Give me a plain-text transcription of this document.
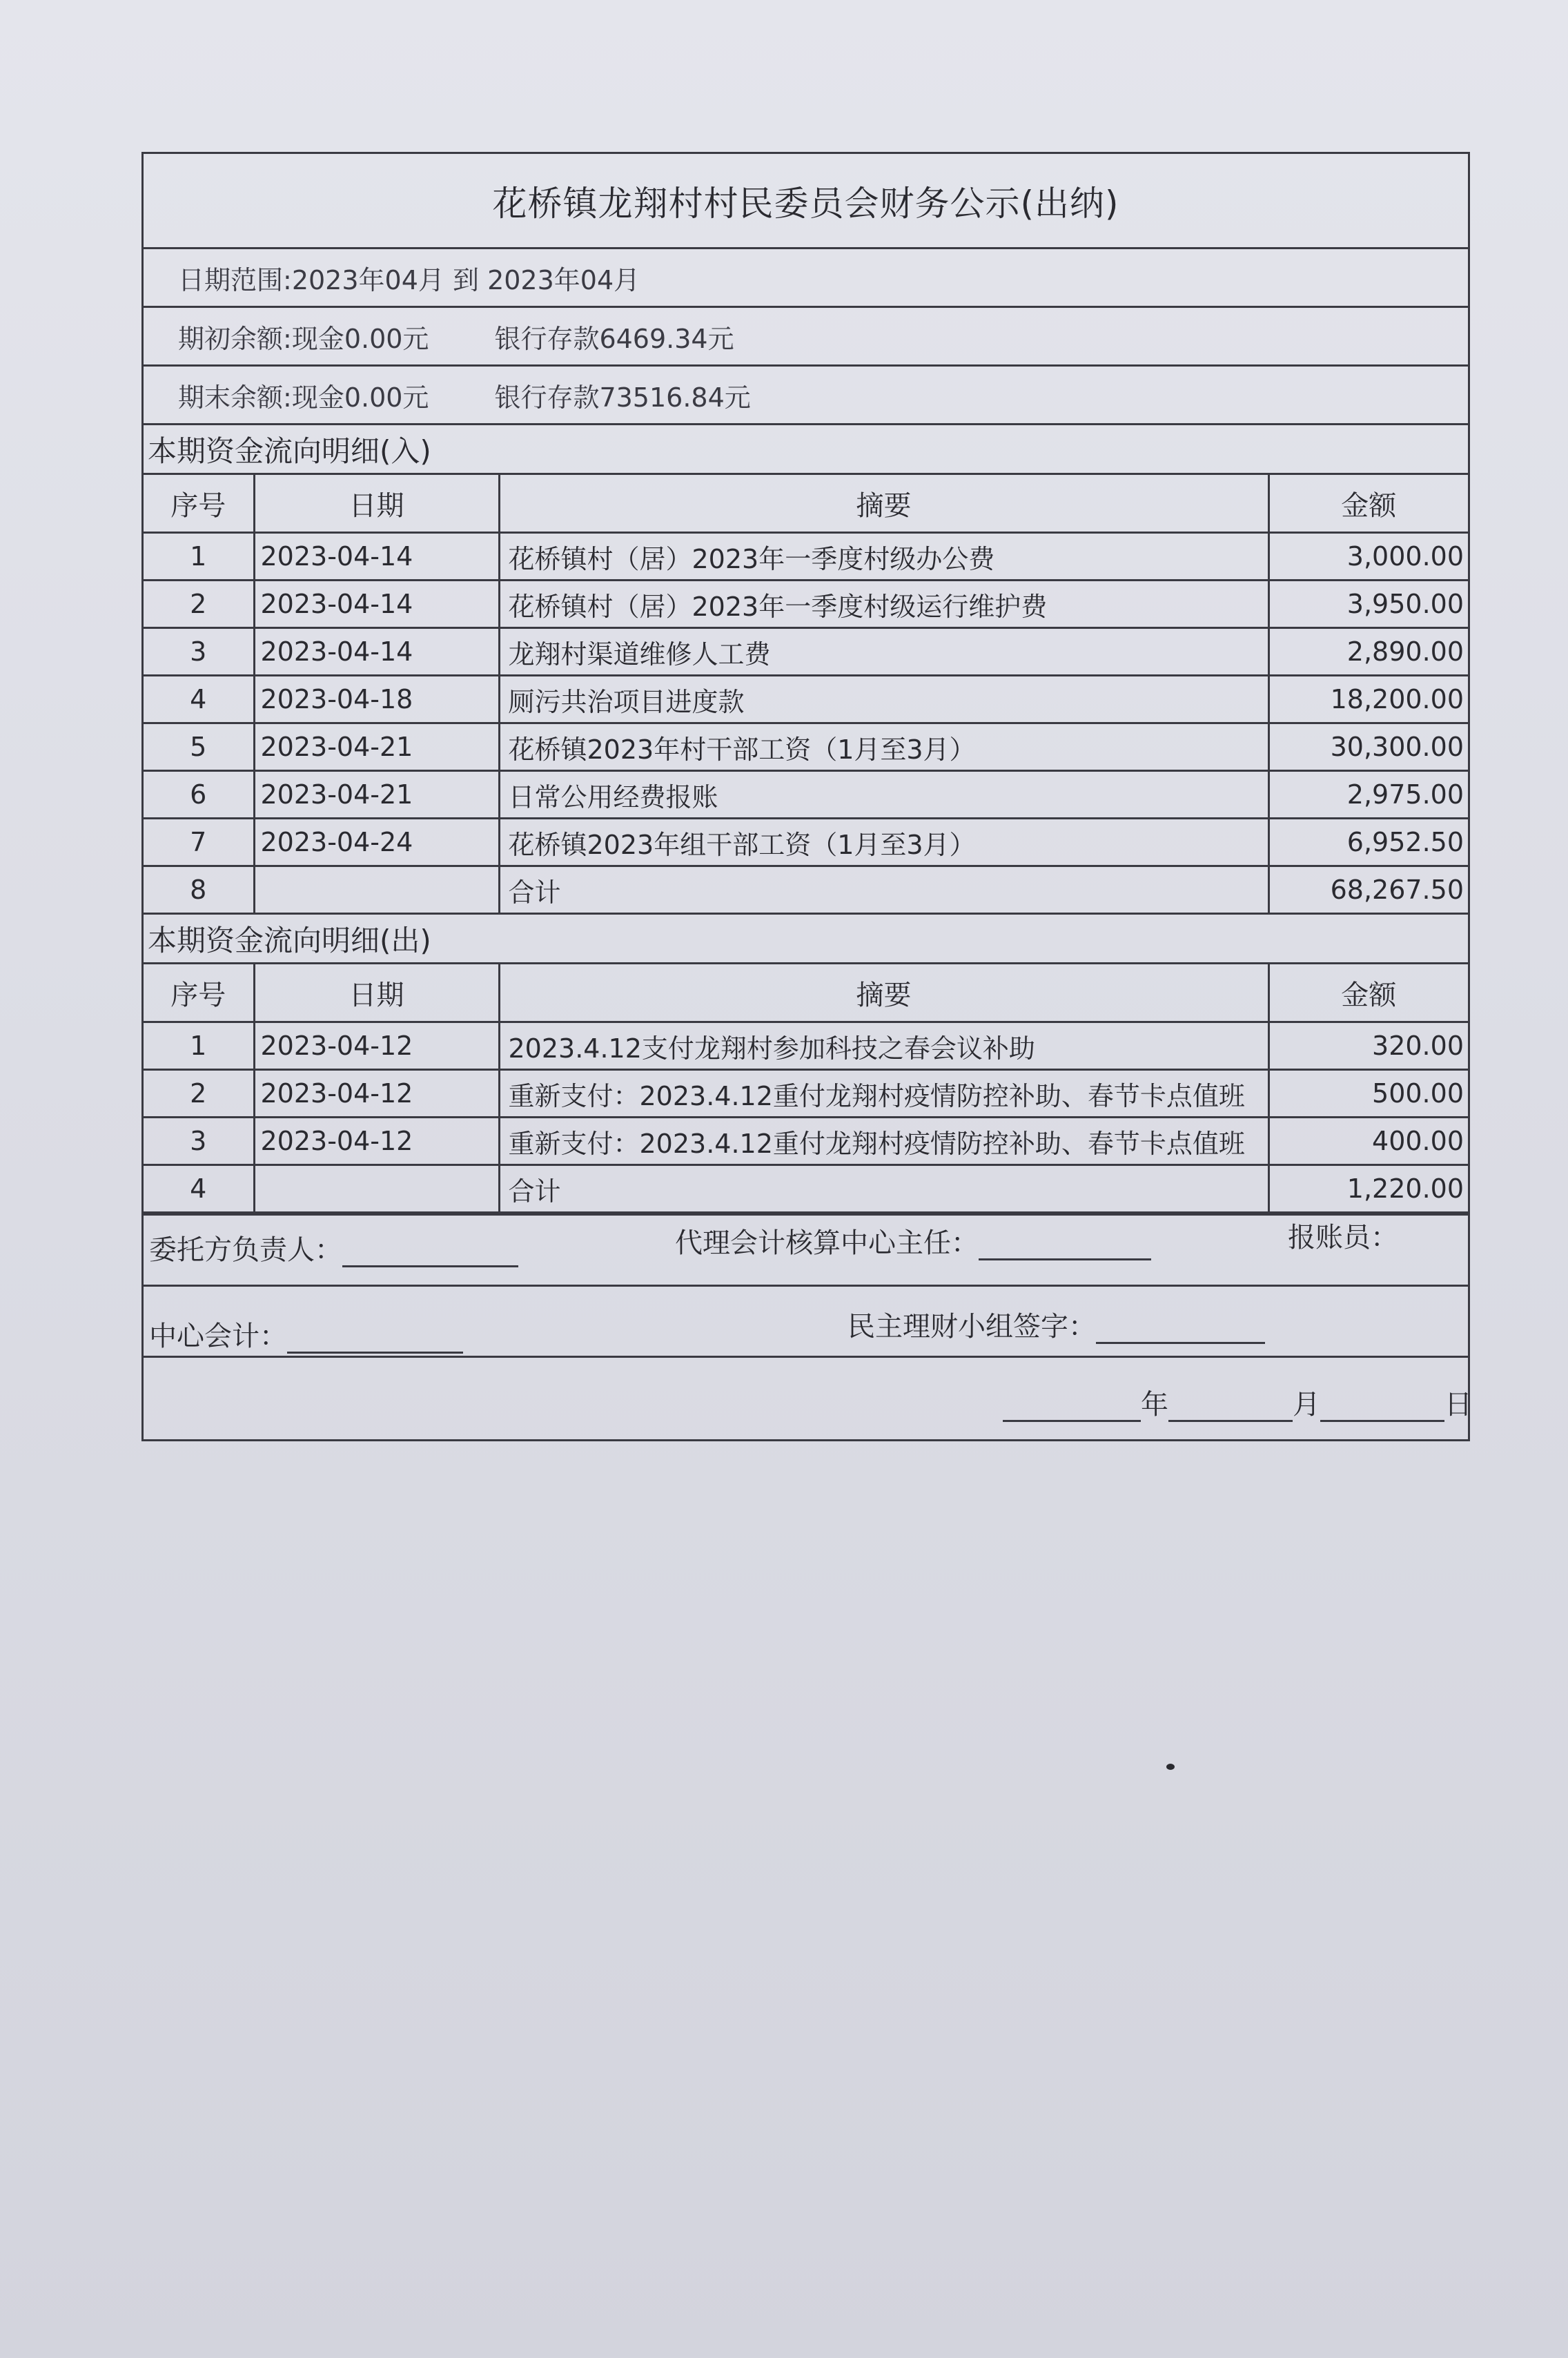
花桥镇龙翔村村民委员会财务公示(出纳)
日期范围: 2023年04月
到
2023年04月
期初余额: 现金0.00元	银行存款6469.34元
期末余额: 现金0.00元	银行存款73516.84元
本期资金流向明细(入)
序号	日期	摘要	金额
1	2023-04-14	花桥镇村（居）2023年一季度村级办公费	3,000.00
2	2023-04-14	花桥镇村（居）2023年一季度村级运行维护费	3,950.00
3	2023-04-14	龙翔村渠道维修人工费	2,890.00
4	2023-04-18	厕污共治项目进度款	18,200.00
5	2023-04-21	花桥镇2023年村干部工资（1月至3月）	30,300.00
6	2023-04-21	日常公用经费报账	2,975.00
7	2023-04-24	花桥镇2023年组干部工资（1月至3月）	6,952.50
8		合计	68,267.50
本期资金流向明细(出)
序号	日期	摘要	金额
1	2023-04-12	2023.4.12支付龙翔村参加科技之春会议补助	320.00
2	2023-04-12	重新支付：2023.4.12重付龙翔村疫情防控补助、春节卡点值班	500.00
3	2023-04-12	重新支付：2023.4.12重付龙翔村疫情防控补助、春节卡点值班	400.00
4		合计	1,220.00
委托方负责人：	代理会计核算中心主任：	报账员：
中心会计：	民主理财小组签字：
年	月	日
